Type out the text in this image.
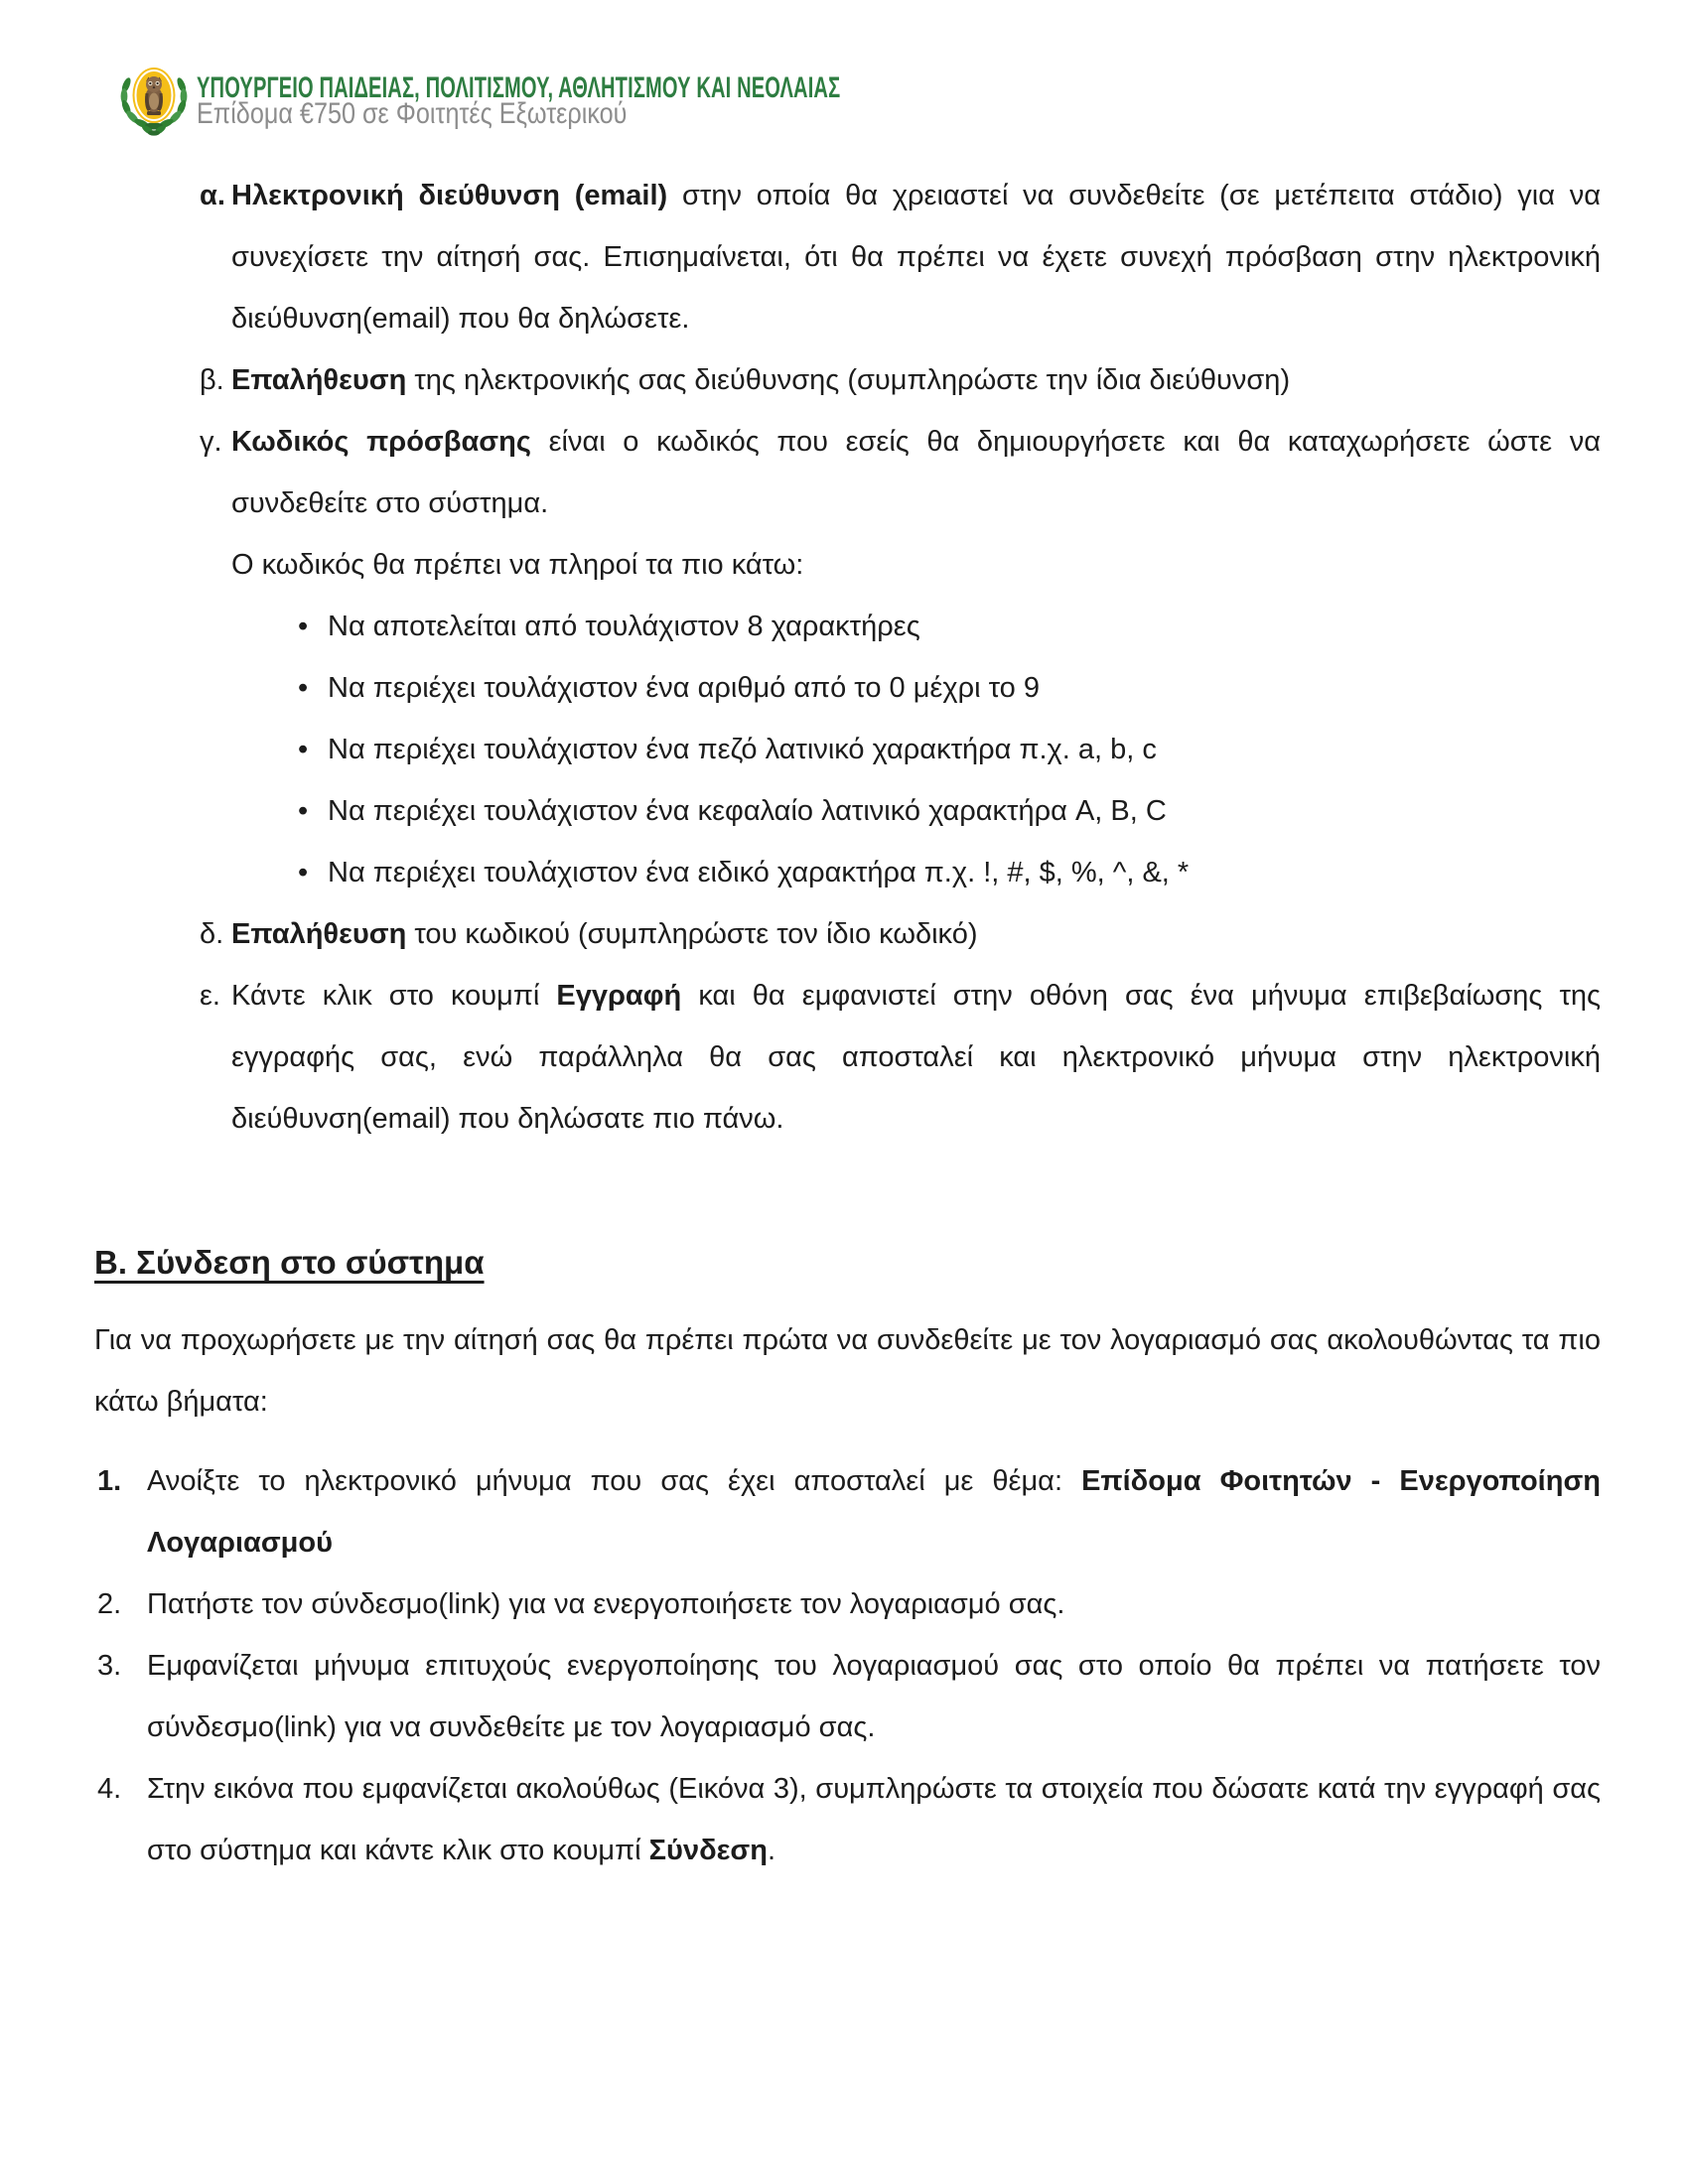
ΥΠΟΥΡΓΕΙΟ ΠΑΙΔΕΙΑΣ, ΠΟΛΙΤΙΣΜΟΥ, ΑΘΛΗΤΙΣΜΟΥ ΚΑΙ ΝΕΟΛΑΙΑΣ
Επίδομα €750 σε Φοιτητές Εξωτερικού
α. Ηλεκτρονική διεύθυνση (email) στην οποία θα χρειαστεί να συνδεθείτε (σε μετέπειτα στάδιο) για να συνεχίσετε την αίτησή σας. Επισημαίνεται, ότι θα πρέπει να έχετε συνεχή πρόσβαση στην ηλεκτρονική διεύθυνση(email) που θα δηλώσετε.
β. Επαλήθευση της ηλεκτρονικής σας διεύθυνσης (συμπληρώστε την ίδια διεύθυνση)
γ. Κωδικός πρόσβασης είναι ο κωδικός που εσείς θα δημιουργήσετε και θα καταχωρήσετε ώστε να συνδεθείτε στο σύστημα.
Ο κωδικός θα πρέπει να πληροί τα πιο κάτω:
• Να αποτελείται από τουλάχιστον 8 χαρακτήρες
• Να περιέχει τουλάχιστον ένα αριθμό από το 0 μέχρι το 9
• Να περιέχει τουλάχιστον ένα πεζό λατινικό χαρακτήρα π.χ. a, b, c
• Να περιέχει τουλάχιστον ένα κεφαλαίο λατινικό χαρακτήρα A, B, C
• Να περιέχει τουλάχιστον ένα ειδικό χαρακτήρα π.χ. !, #, $, %, ^, &, *
δ. Επαλήθευση του κωδικού (συμπληρώστε τον ίδιο κωδικό)
ε. Κάντε κλικ στο κουμπί Εγγραφή και θα εμφανιστεί στην οθόνη σας ένα μήνυμα επιβεβαίωσης της εγγραφής σας, ενώ παράλληλα θα σας αποσταλεί και ηλεκτρονικό μήνυμα στην ηλεκτρονική διεύθυνση(email) που δηλώσατε πιο πάνω.
Β. Σύνδεση στο σύστημα
Για να προχωρήσετε με την αίτησή σας θα πρέπει πρώτα να συνδεθείτε με τον λογαριασμό σας ακολουθώντας τα πιο κάτω βήματα:
1. Ανοίξτε το ηλεκτρονικό μήνυμα που σας έχει αποσταλεί με θέμα: Επίδομα Φοιτητών - Ενεργοποίηση Λογαριασμού
2. Πατήστε τον σύνδεσμο(link) για να ενεργοποιήσετε τον λογαριασμό σας.
3. Εμφανίζεται μήνυμα επιτυχούς ενεργοποίησης του λογαριασμού σας στο οποίο θα πρέπει να πατήσετε τον σύνδεσμο(link) για να συνδεθείτε με τον λογαριασμό σας.
4. Στην εικόνα που εμφανίζεται ακολούθως (Εικόνα 3), συμπληρώστε τα στοιχεία που δώσατε κατά την εγγραφή σας στο σύστημα και κάντε κλικ στο κουμπί Σύνδεση.
